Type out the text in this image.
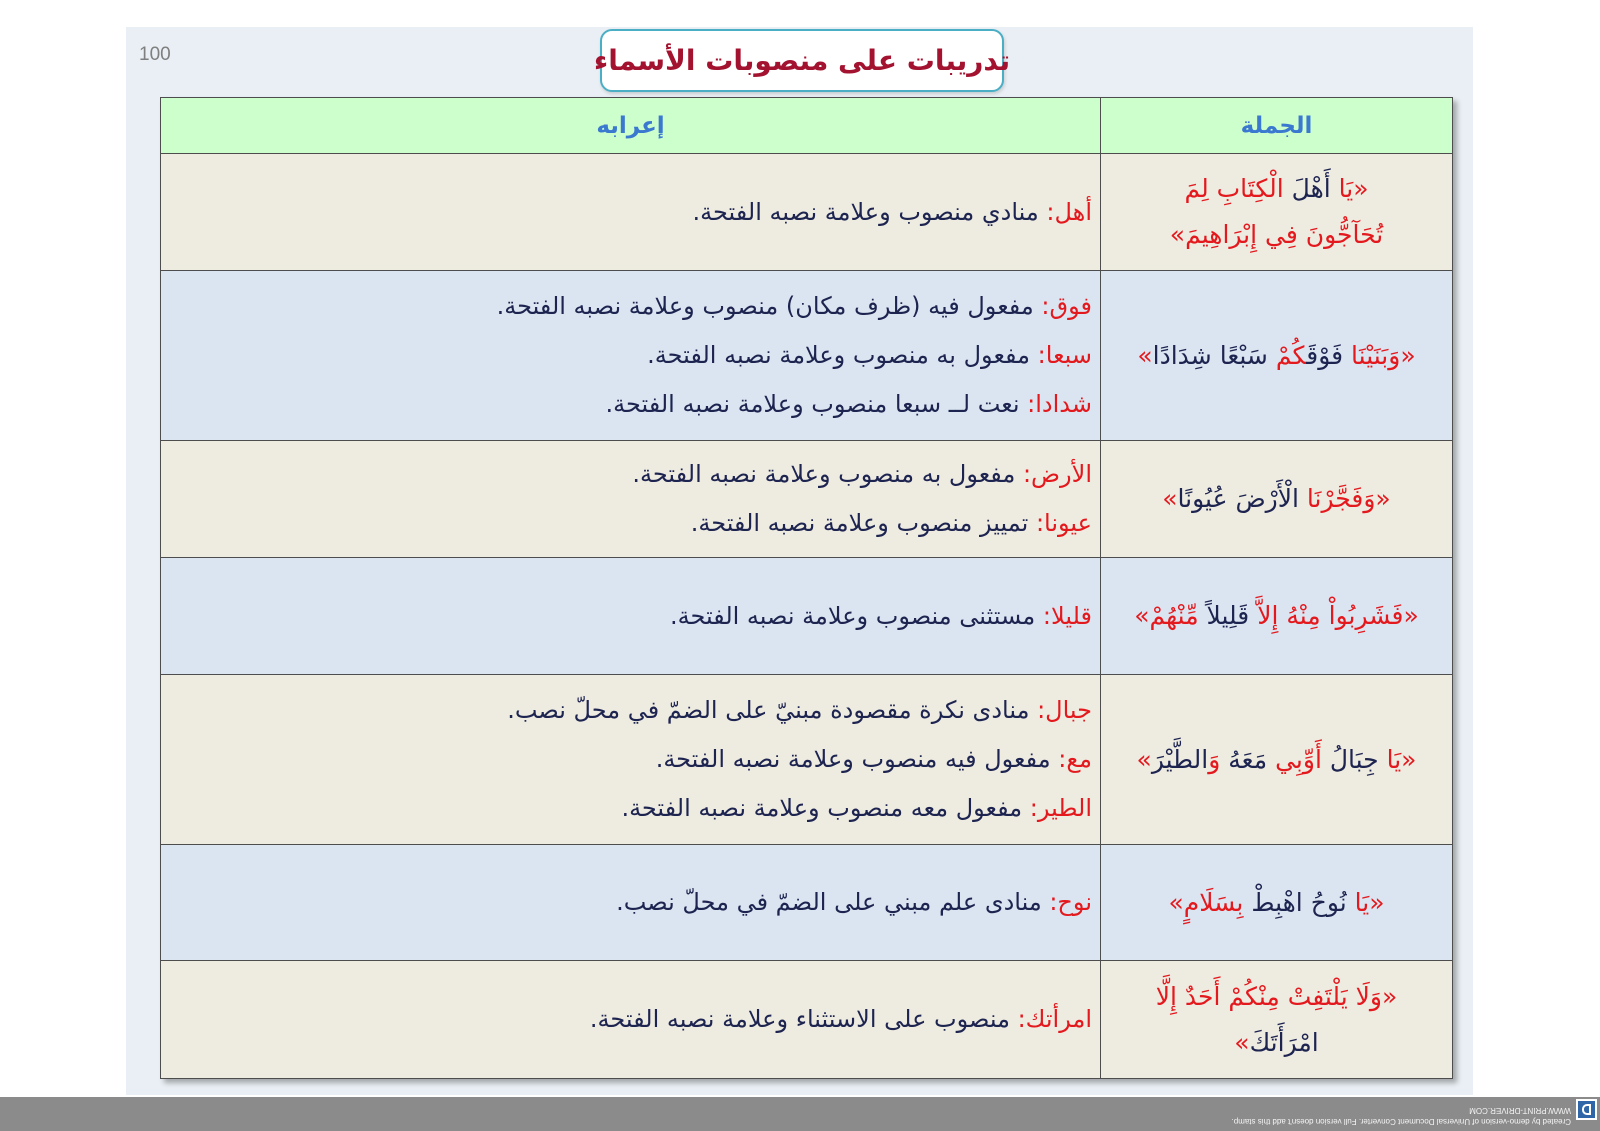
100	تدريبات على منصوبات الأسماء
الجملة	إعرابه

«يَا أَهْلَ الْكِتَابِ لِمَ
تُحَآجُّونَ فِي إِبْرَاهِيمَ»	أهل: منادي منصوب وعلامة نصبه الفتحة.

«وَبَنَيْنَا فَوْقَكُمْ سَبْعًا شِدَادًا»	فوق: مفعول فيه (ظرف مكان) منصوب وعلامة نصبه الفتحة.
سبعا: مفعول به منصوب وعلامة نصبه الفتحة.
شدادا: نعت لــ سبعا منصوب وعلامة نصبه الفتحة.

«وَفَجَّرْنَا الْأَرْضَ عُيُونًا»	الأرض: مفعول به منصوب وعلامة نصبه الفتحة.
عيونا: تمييز منصوب وعلامة نصبه الفتحة.

«فَشَرِبُواْ مِنْهُ إِلاَّ قَلِيلاً مِّنْهُمْ»	قليلا: مستثنى منصوب وعلامة نصبه الفتحة.

«يَا جِبَالُ أَوِّبِي مَعَهُ وَالطَّيْرَ»	جبال: منادى نكرة مقصودة مبنيّ على الضمّ في محلّ نصب.
مع: مفعول فيه منصوب وعلامة نصبه الفتحة.
الطير: مفعول معه منصوب وعلامة نصبه الفتحة.

«يَا نُوحُ اهْبِطْ بِسَلَامٍ»	نوح: منادى علم مبني على الضمّ في محلّ نصب.

«وَلَا يَلْتَفِتْ مِنْكُمْ أَحَدٌ إِلَّا
امْرَأَتَكَ»	امرأتك: منصوب على الاستثناء وعلامة نصبه الفتحة.
Created by demo-version of Universal Document Converter. Full version doesn't add this stamp.
WWW.PRINT-DRIVER.COM
